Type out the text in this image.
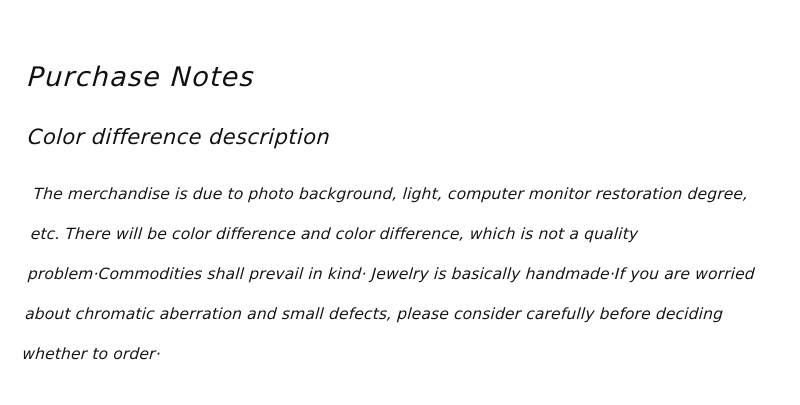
Purchase Notes
Color difference description

The merchandise is due to photo background, light, computer monitor restoration degree, etc. There will be color difference and color difference, which is not a quality problem·Commodities shall prevail in kind· Jewelry is basically handmade·If you are worried about chromatic aberration and small defects, please consider carefully before deciding whether to order·
